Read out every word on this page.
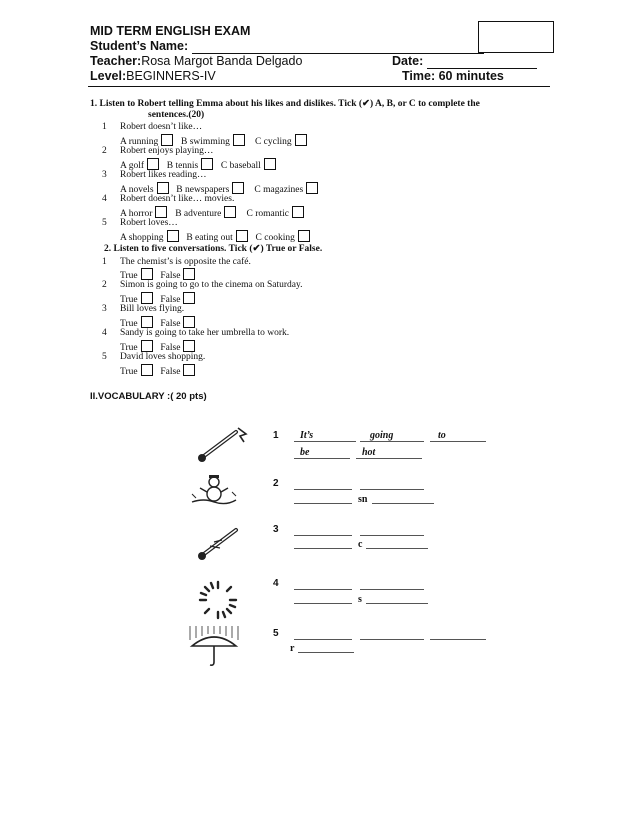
MID TERM ENGLISH EXAM
Student’s Name:
Teacher:Rosa Margot Banda Delgado	Date:
Level:BEGINNERS-IV	Time: 60 minutes
1. Listen to Robert telling Emma about his likes and dislikes. Tick (✔) A, B, or C to complete the
sentences.(20)
1 Robert doesn’t like…
A running B swimming	C cycling
2 Robert enjoys playing…
A golf B tennis C baseball
3 Robert likes reading…
A novels B newspapers	C magazines
4 Robert doesn’t like… movies.
A horror B adventure	C romantic
5 Robert loves…
A shopping B eating out C cooking
2. Listen to five conversations. Tick (✔) True or False.
1 The chemist’s is opposite the café.
True False
2 Simon is going to go to the cinema on Saturday.
True False
3 Bill loves flying.
True False
4 Sandy is going to take her umbrella to work.
True False
5 David loves shopping.
True False
II.VOCABULARY :( 20 pts)
1 It’s	going	to
be	hot
2
sn
3
c
4
s
5
r
